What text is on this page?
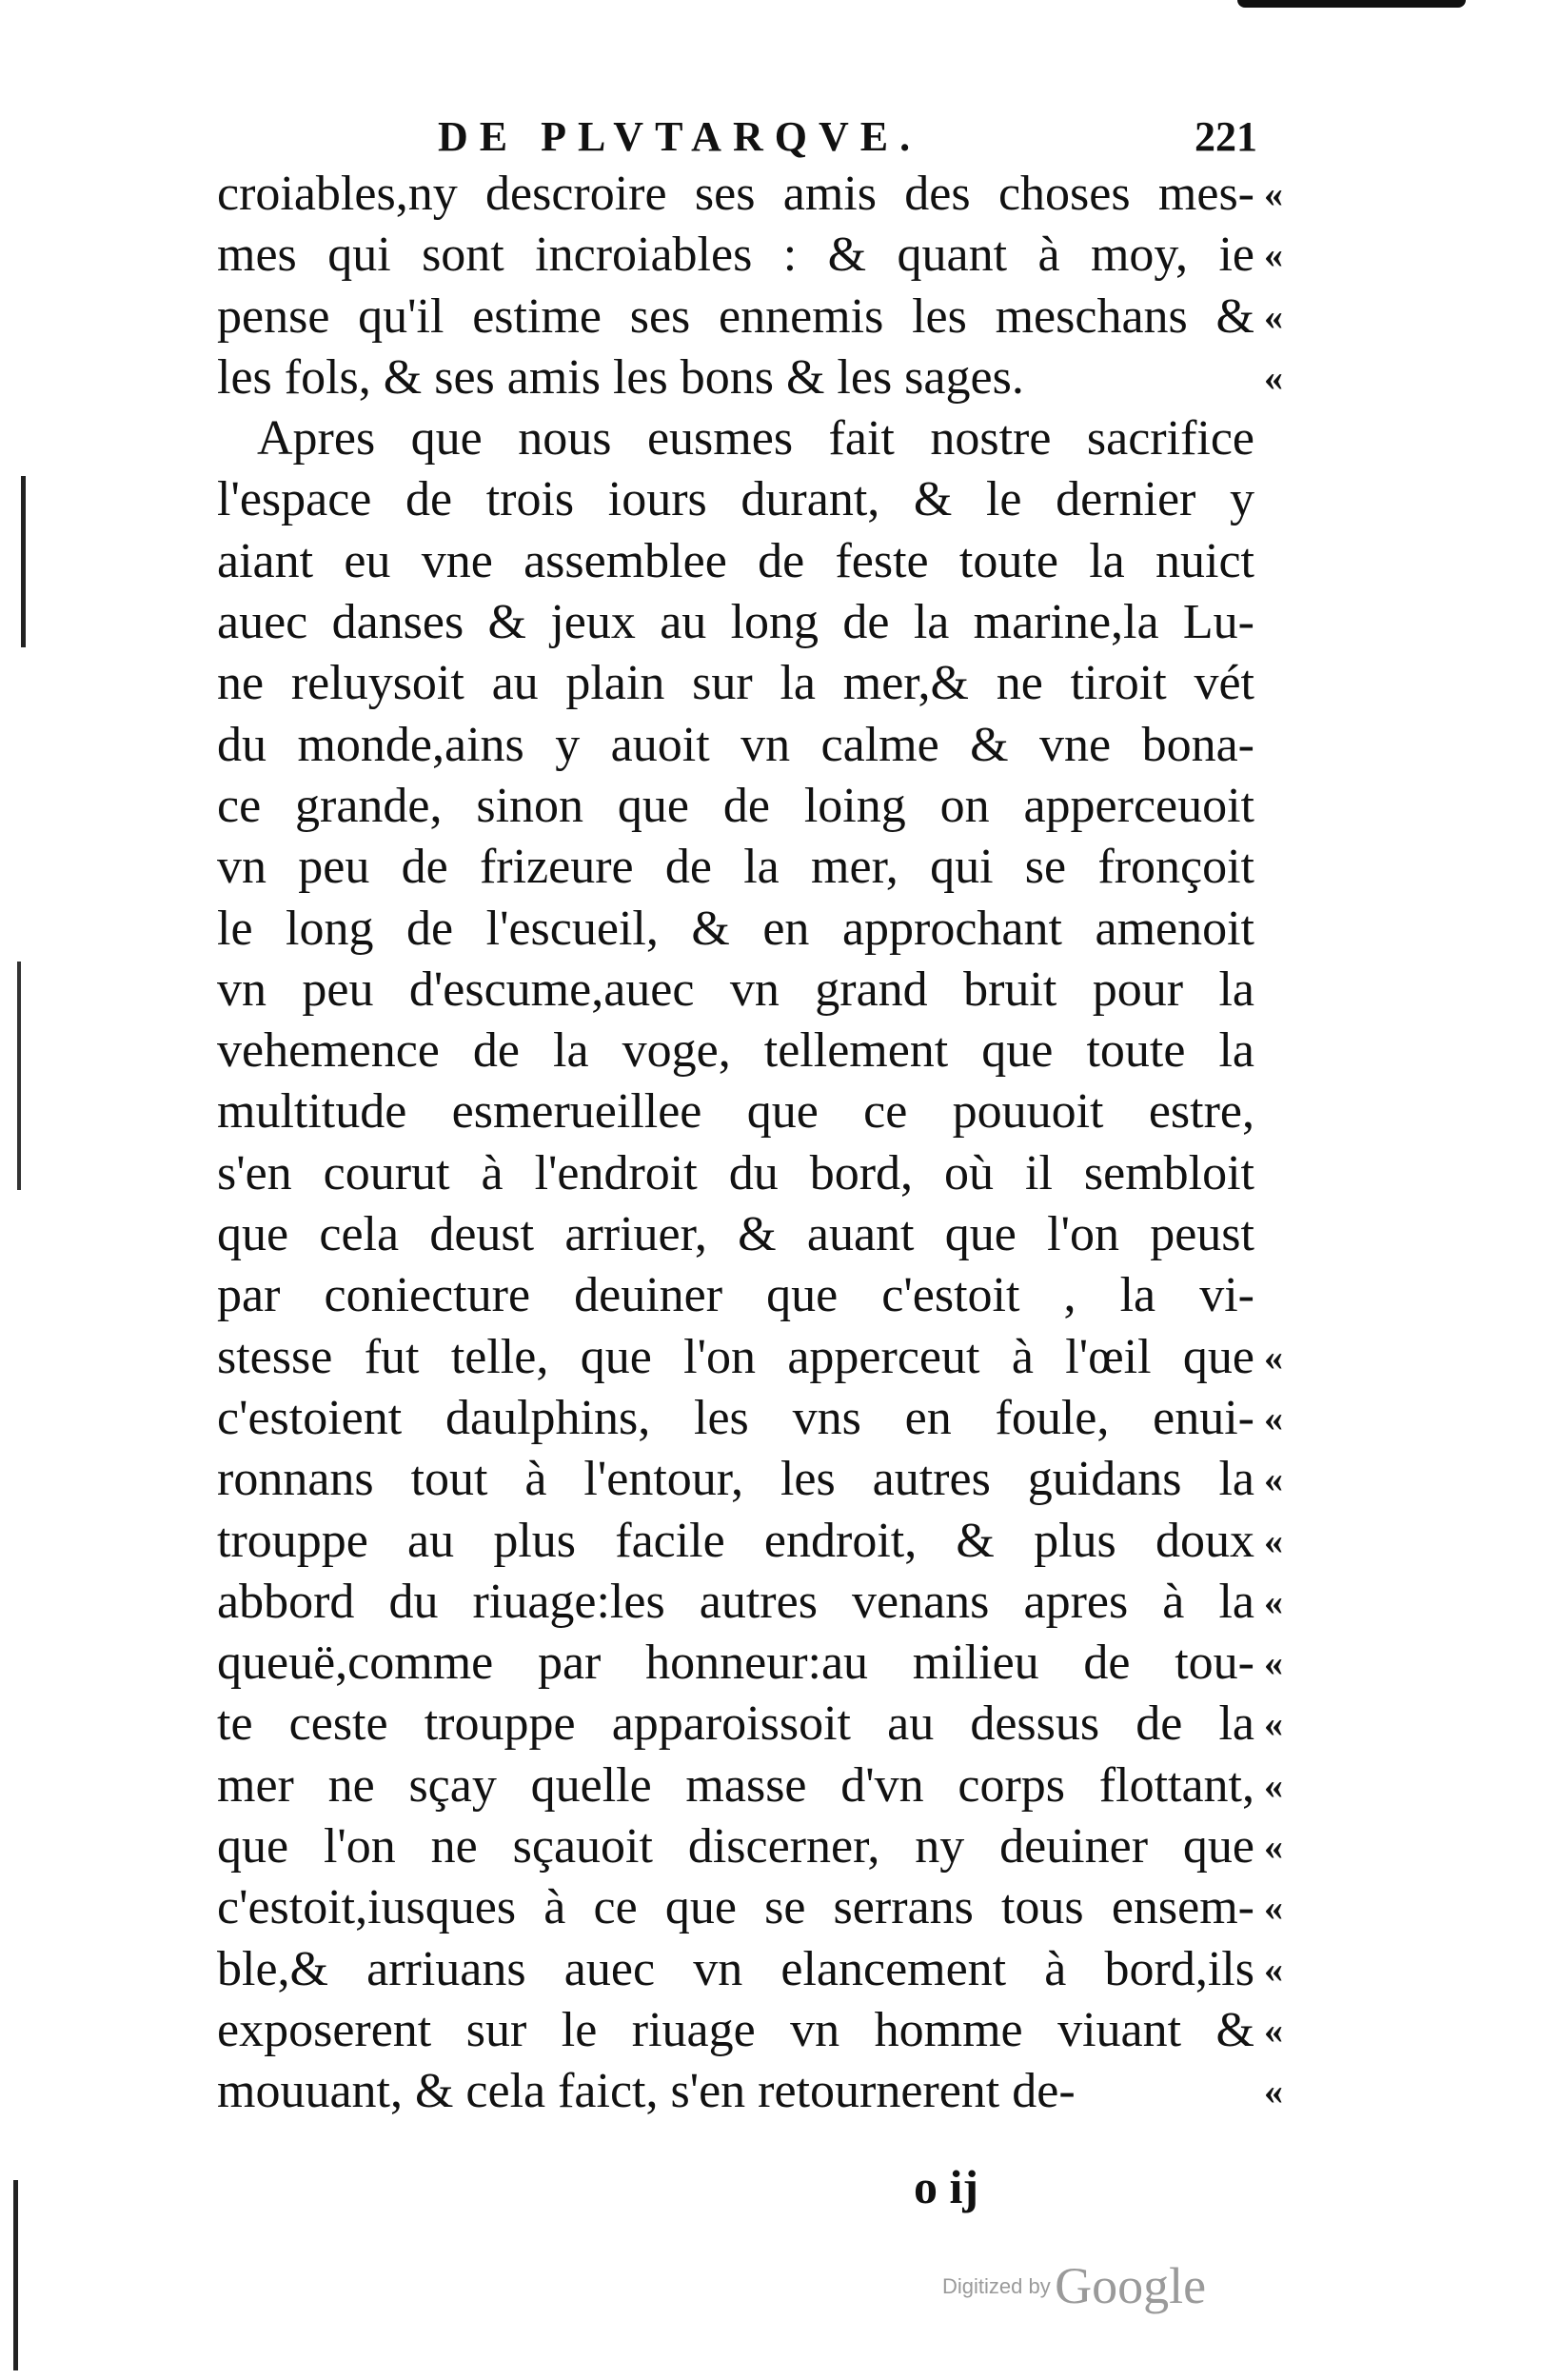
DE PLVTARQVE.	221
croiables,ny descroire ses amis des choses mes-
mes qui sont incroiables : & quant à moy, ie
pense qu'il estime ses ennemis les meschans &
les fols, & ses amis les bons & les sages.
Apres que nous eusmes fait nostre sacrifice
l'espace de trois iours durant, & le dernier y
aiant eu vne assemblee de feste toute la nuict
auec danses & jeux au long de la marine,la Lu-
ne reluysoit au plain sur la mer,& ne tiroit vét
du monde,ains y auoit vn calme & vne bona-
ce grande, sinon que de loing on apperceuoit
vn peu de frizeure de la mer, qui se fronçoit
le long de l'escueil, & en approchant amenoit
vn peu d'escume,auec vn grand bruit pour la
vehemence de la voge, tellement que toute la
multitude esmerueillee que ce pouuoit estre,
s'en courut à l'endroit du bord, où il sembloit
que cela deust arriuer, & auant que l'on peust
par coniecture deuiner que c'estoit , la vi-
stesse fut telle, que l'on apperceut à l'œil que
c'estoient daulphins, les vns en foule, enui-
ronnans tout à l'entour, les autres guidans la
trouppe au plus facile endroit, & plus doux
abbord du riuage:les autres venans apres à la
queuë,comme par honneur:au milieu de tou-
te ceste trouppe apparoissoit au dessus de la
mer ne sçay quelle masse d'vn corps flottant,
que l'on ne sçauoit discerner, ny deuiner que
c'estoit,iusques à ce que se serrans tous ensem-
ble,& arriuans auec vn elancement à bord,ils
exposerent sur le riuage vn homme viuant &
mouuant, & cela faict, s'en retournerent de-
«
«
«
«
«
«
«
«
«
«
«
«
«
«
«
«
«
o ij
Digitized by Google
